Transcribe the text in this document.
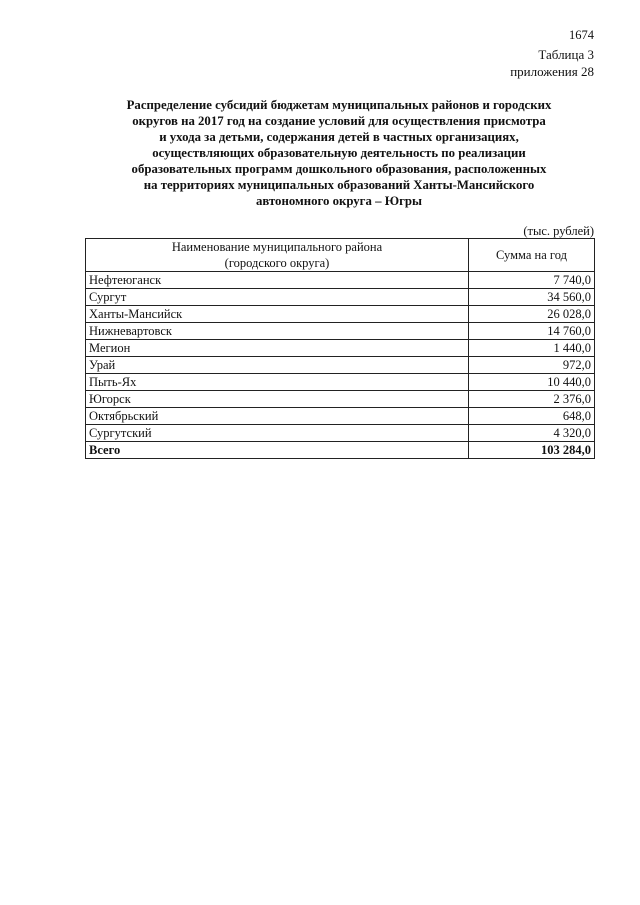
1674
Таблица 3
приложения 28
Распределение субсидий бюджетам муниципальных районов и городских
округов на 2017 год на создание условий для осуществления присмотра
и ухода за детьми, содержания детей в частных организациях,
осуществляющих образовательную деятельность по реализации
образовательных программ дошкольного образования, расположенных
на территориях муниципальных образований Ханты-Мансийского
автономного округа – Югры
(тыс. рублей)
Наименование муниципального района
(городского округа)	Сумма на год
Нефтеюганск	7 740,0
Сургут	34 560,0
Ханты-Мансийск	26 028,0
Нижневартовск	14 760,0
Мегион	1 440,0
Урай	972,0
Пыть-Ях	10 440,0
Югорск	2 376,0
Октябрьский	648,0
Сургутский	4 320,0
Всего	103 284,0
